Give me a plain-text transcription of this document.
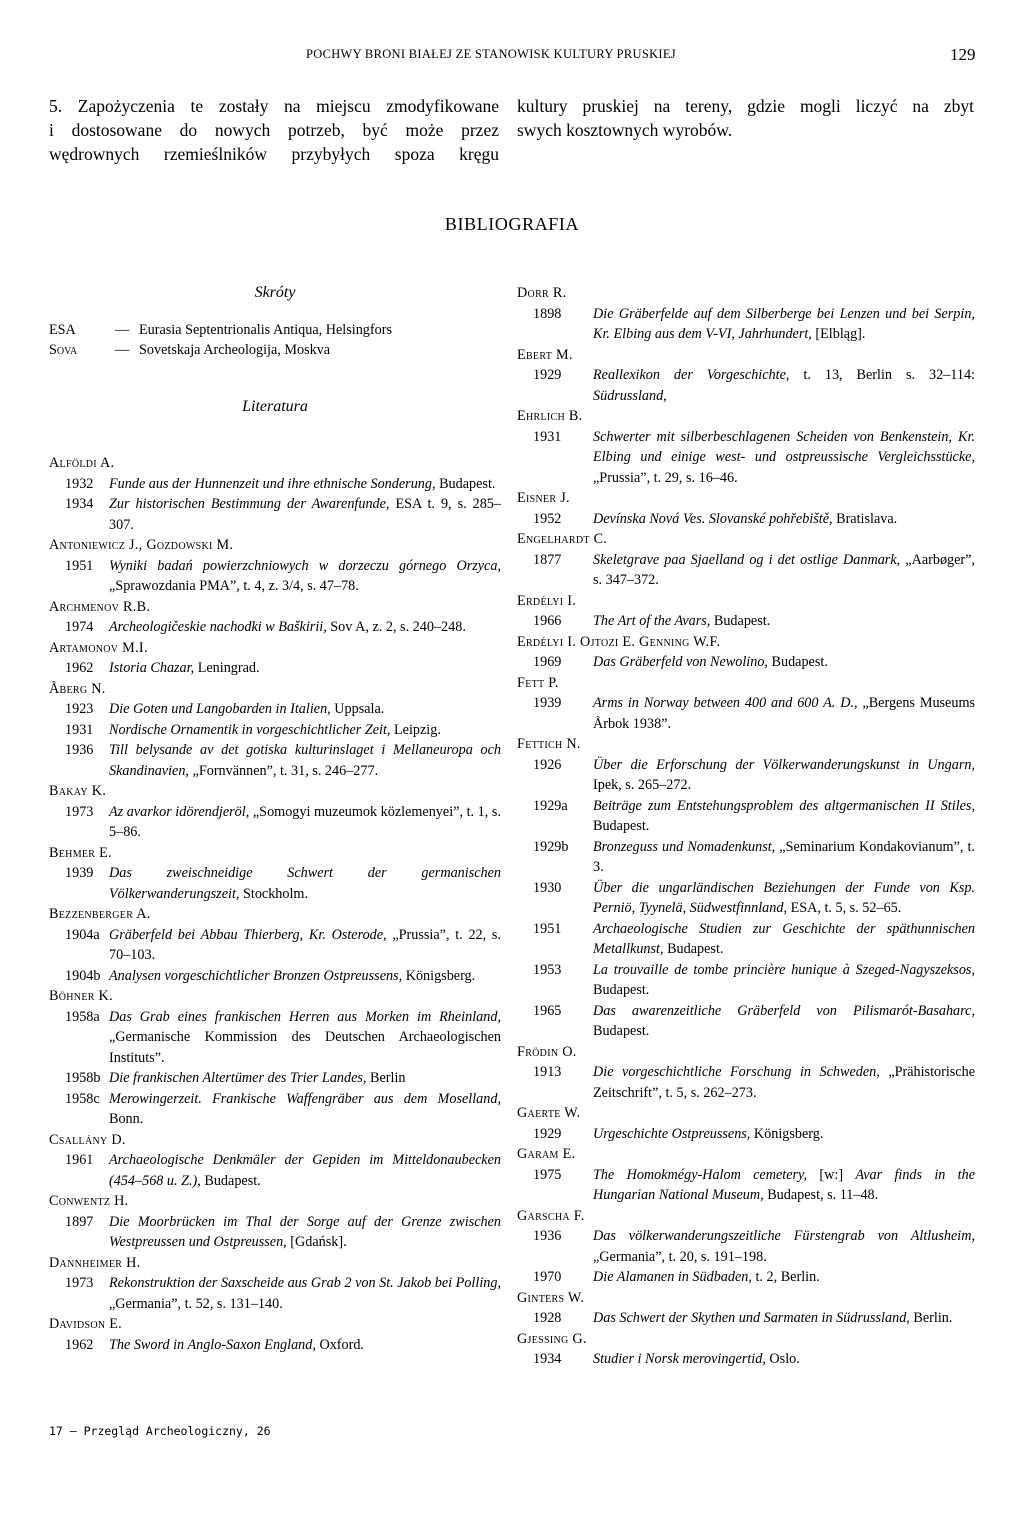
POCHWY BRONI BIAŁEJ ZE STANOWISK KULTURY PRUSKIEJ	129
5. Zapożyczenia te zostały na miejscu zmodyfikowane
i dostosowane do nowych potrzeb, być może przez
wędrownych rzemieślników przybyłych spoza kręgu
kultury pruskiej na tereny, gdzie mogli liczyć na zbyt
swych kosztownych wyrobów.
BIBLIOGRAFIA
Skróty
ESA	— Eurasia Septentrionalis Antiqua, Helsingfors
Sova	— Sovetskaja Archeologija, Moskva
Literatura
Alföldi A.
1932	Funde aus der Hunnenzeit und ihre ethnische Sonderung, Budapest.
1934	Zur historischen Bestimmung der Awarenfunde, ESA t. 9, s. 285–307.
Antoniewicz J., Gozdowski M.
1951	Wyniki badań powierzchniowych w dorzeczu górnego Orzyca, „Sprawozdania PMA”, t. 4, z. 3/4, s. 47–78.
Archmenov R.B.
1974	Archeologičeskie nachodki w Baškirii, Sov A, z. 2, s. 240–248.
Artamonov M.I.
1962	Istoria Chazar, Leningrad.
Åberg N.
1923	Die Goten und Langobarden in Italien, Uppsala.
1931	Nordische Ornamentik in vorgeschichtlicher Zeit, Leipzig.
1936	Till belysande av det gotiska kulturinslaget i Mellaneuropa och Skandinavien, „Fornvännen”, t. 31, s. 246–277.
Bakay K.
1973	Az avarkor idörendjeröl, „Somogyi muzeumok közlemenyei”, t. 1, s. 5–86.
Behmer E.
1939	Das zweischneidige Schwert der germanischen Völkerwanderungszeit, Stockholm.
Bezzenberger A.
1904a Gräberfeld bei Abbau Thierberg, Kr. Osterode, „Prussia”, t. 22, s. 70–103.
1904b Analysen vorgeschichtlicher Bronzen Ostpreussens, Königsberg.
Böhner K.
1958a Das Grab eines frankischen Herren aus Morken im Rheinland, „Germanische Kommission des Deutschen Archaeologischen Instituts”.
1958b Die frankischen Altertümer des Trier Landes, Berlin
1958c Merowingerzeit. Frankische Waffengräber aus dem Moselland, Bonn.
Csallány D.
1961	Archaeologische Denkmäler der Gepiden im Mitteldonaubecken (454–568 u. Z.), Budapest.
Conwentz H.
1897	Die Moorbrücken im Thal der Sorge auf der Grenze zwischen Westpreussen und Ostpreussen, [Gdańsk].
Dannheimer H.
1973	Rekonstruktion der Saxscheide aus Grab 2 von St. Jakob bei Polling, „Germania”, t. 52, s. 131–140.
Davidson E.
1962	The Sword in Anglo-Saxon England, Oxford.
Dorr R.
1898	Die Gräberfelde auf dem Silberberge bei Lenzen und bei Serpin, Kr. Elbing aus dem V-VI, Jahrhundert, [Elbląg].
Ebert M.
1929	Reallexikon der Vorgeschichte, t. 13, Berlin s. 32–114: Südrussland,
Ehrlich B.
1931	Schwerter mit silberbeschlagenen Scheiden von Benkenstein, Kr. Elbing und einige west- und ostpreussische Vergleichsstücke, „Prussia”, t. 29, s. 16–46.
Eisner J.
1952	Devínska Nová Ves. Slovanské pohřebiště, Bratislava.
Engelhardt C.
1877	Skeletgrave paa Sjaelland og i det ostlige Danmark, „Aarbøger”, s. 347–372.
Erdélyi I.
1966	The Art of the Avars, Budapest.
Erdélyi I. Ojtozi E. Genning W.F.
1969	Das Gräberfeld von Newolino, Budapest.
Fett P.
1939	Arms in Norway between 400 and 600 A. D., „Bergens Museums Årbok 1938”.
Fettich N.
1926	Über die Erforschung der Völkerwanderungskunst in Ungarn, Ipek, s. 265–272.
1929a	Beiträge zum Entstehungsproblem des altgermanischen II Stiles, Budapest.
1929b	Bronzeguss und Nomadenkunst, „Seminarium Kondakovianum”, t. 3.
1930	Über die ungarländischen Beziehungen der Funde von Ksp. Perniö, Tyynelä, Südwestfinnland, ESA, t. 5, s. 52–65.
1951	Archaeologische Studien zur Geschichte der späthunnischen Metallkunst, Budapest.
1953	La trouvaille de tombe princière hunique à Szeged-Nagyszeksos, Budapest.
1965	Das awarenzeitliche Gräberfeld von Pilismarót-Basaharc, Budapest.
Frödin O.
1913	Die vorgeschichtliche Forschung in Schweden, „Prähistorische Zeitschrift”, t. 5, s. 262–273.
Gaerte W.
1929	Urgeschichte Ostpreussens, Königsberg.
Garam E.
1975	The Homokmégy-Halom cemetery, [w:] Avar finds in the Hungarian National Museum, Budapest, s. 11–48.
Garscha F.
1936	Das völkerwanderungszeitliche Fürstengrab von Altlusheim, „Germania”, t. 20, s. 191–198.
1970	Die Alamanen in Südbaden, t. 2, Berlin.
Ginters W.
1928	Das Schwert der Skythen und Sarmaten in Südrussland, Berlin.
Gjessing G.
1934	Studier i Norsk merovingertid, Oslo.
17 — Przegląd Archeologiczny, 26
